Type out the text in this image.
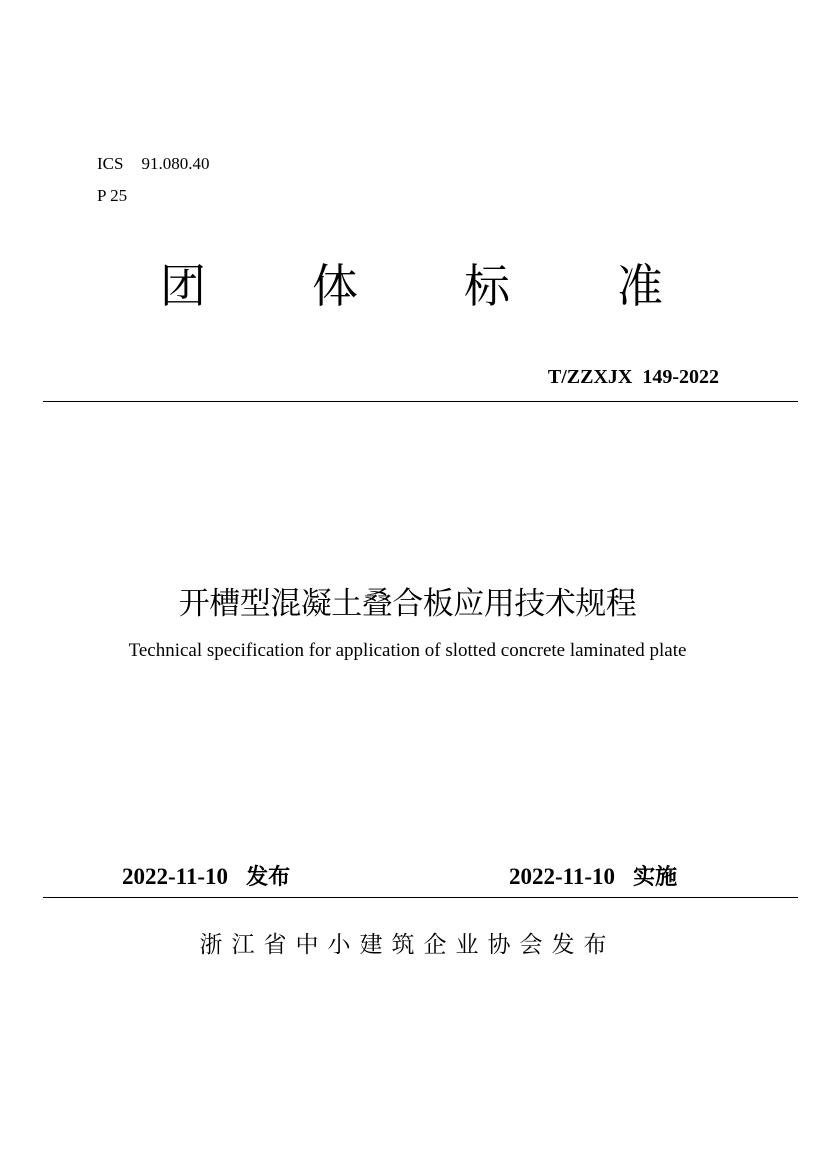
ICS 91.080.40
P 25
团 体 标 准
T/ZZXJX  149-2022
开槽型混凝土叠合板应用技术规程
Technical specification for application of slotted concrete laminated plate
2022-11-10 发布	2022-11-10 实施
浙江省中小建筑企业协会发布
